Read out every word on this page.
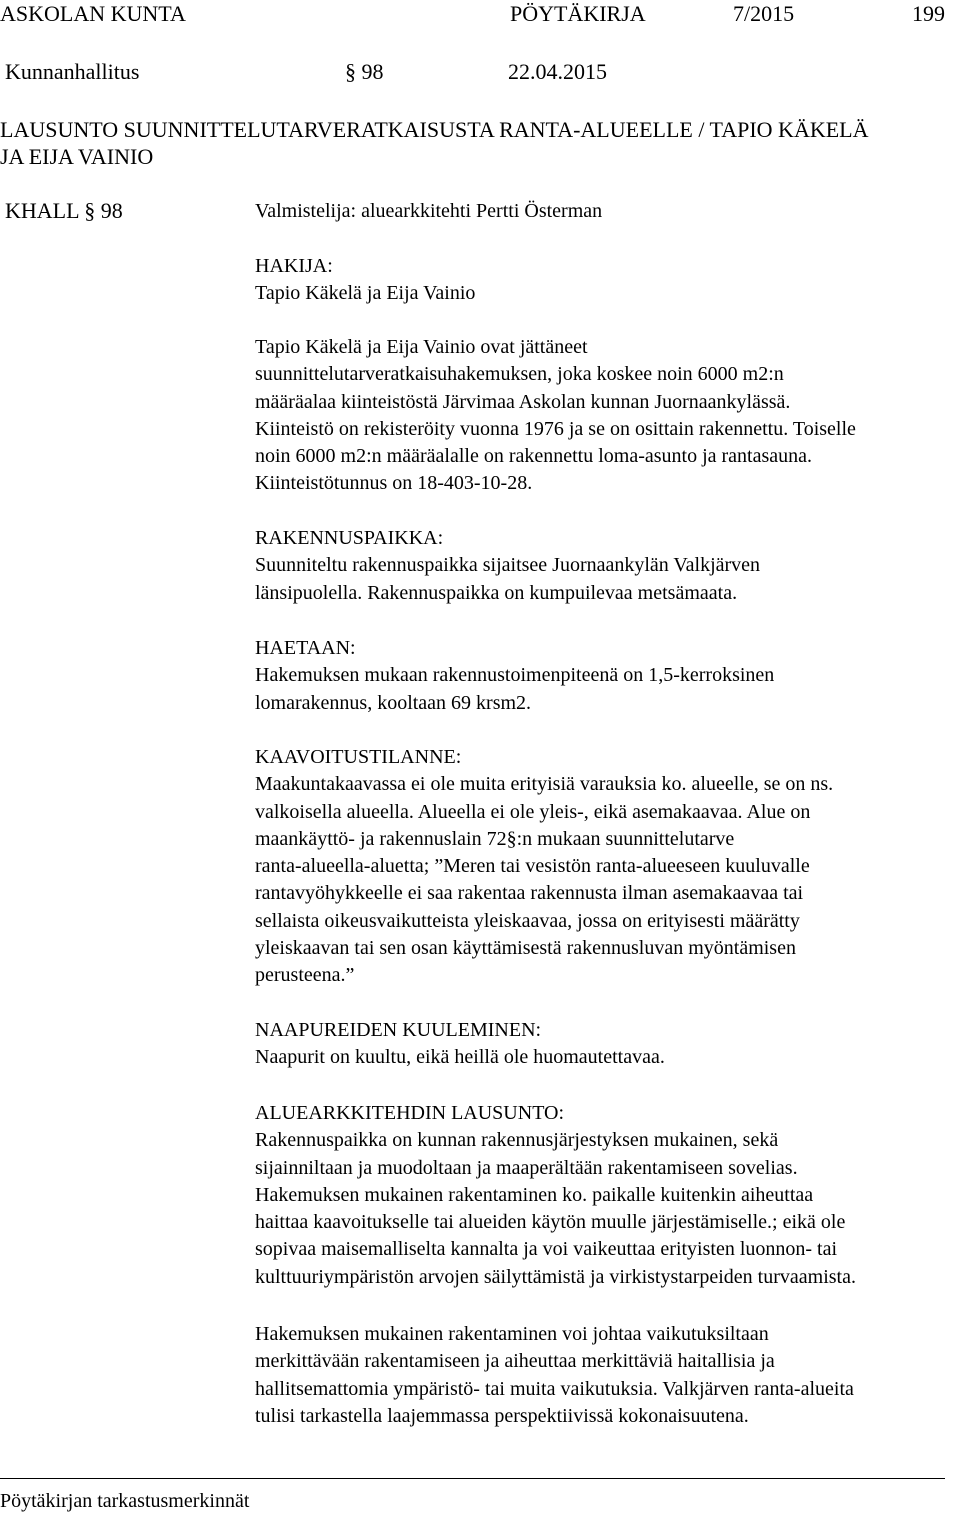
ASKOLAN KUNTA	PÖYTÄKIRJA	7/2015	199
Kunnanhallitus	§ 98	22.04.2015
LAUSUNTO SUUNNITTELUTARVERATKAISUSTA RANTA-ALUEELLE / TAPIO KÄKELÄ
JA EIJA VAINIO
KHALL § 98	Valmistelija: aluearkkitehti Pertti Österman
HAKIJA:
Tapio Käkelä ja Eija Vainio
Tapio Käkelä ja Eija Vainio ovat jättäneet
suunnittelutarveratkaisuhakemuksen, joka koskee noin 6000 m2:n
määräalaa kiinteistöstä Järvimaa Askolan kunnan Juornaankylässä.
Kiinteistö on rekisteröity vuonna 1976 ja se on osittain rakennettu. Toiselle
noin 6000 m2:n määräalalle on rakennettu loma-asunto ja rantasauna.
Kiinteistötunnus on 18-403-10-28.
RAKENNUSPAIKKA:
Suunniteltu rakennuspaikka sijaitsee Juornaankylän Valkjärven
länsipuolella. Rakennuspaikka on kumpuilevaa metsämaata.
HAETAAN:
Hakemuksen mukaan rakennustoimenpiteenä on 1,5-kerroksinen
lomarakennus, kooltaan 69 krsm2.
KAAVOITUSTILANNE:
Maakuntakaavassa ei ole muita erityisiä varauksia ko. alueelle, se on ns.
valkoisella alueella. Alueella ei ole yleis-, eikä asemakaavaa. Alue on
maankäyttö- ja rakennuslain 72§:n mukaan suunnittelutarve
ranta-alueella-aluetta; ”Meren tai vesistön ranta-alueeseen kuuluvalle
rantavyöhykkeelle ei saa rakentaa rakennusta ilman asemakaavaa tai
sellaista oikeusvaikutteista yleiskaavaa, jossa on erityisesti määrätty
yleiskaavan tai sen osan käyttämisestä rakennusluvan myöntämisen
perusteena.”
NAAPUREIDEN KUULEMINEN:
Naapurit on kuultu, eikä heillä ole huomautettavaa.
ALUEARKKITEHDIN LAUSUNTO:
Rakennuspaikka on kunnan rakennusjärjestyksen mukainen, sekä
sijainniltaan ja muodoltaan ja maaperältään rakentamiseen sovelias.
Hakemuksen mukainen rakentaminen ko. paikalle kuitenkin aiheuttaa
haittaa kaavoitukselle tai alueiden käytön muulle järjestämiselle.; eikä ole
sopivaa maisemalliselta kannalta ja voi vaikeuttaa erityisten luonnon- tai
kulttuuriympäristön arvojen säilyttämistä ja virkistystarpeiden turvaamista.
Hakemuksen mukainen rakentaminen voi johtaa vaikutuksiltaan
merkittävään rakentamiseen ja aiheuttaa merkittäviä haitallisia ja
hallitsemattomia ympäristö- tai muita vaikutuksia. Valkjärven ranta-alueita
tulisi tarkastella laajemmassa perspektiivissä kokonaisuutena.
Pöytäkirjan tarkastusmerkinnät
